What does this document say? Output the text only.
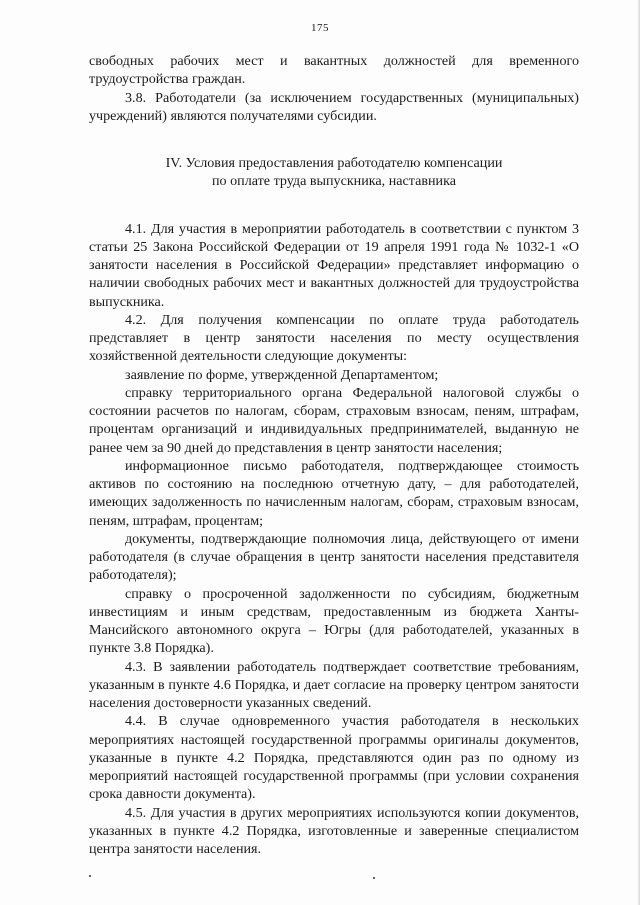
175

свободных рабочих мест и вакантных должностей для временного трудоустройства граждан.

3.8. Работодатели (за исключением государственных (муниципальных) учреждений) являются получателями субсидии.

IV. Условия предоставления работодателю компенсации
по оплате труда выпускника, наставника

4.1. Для участия в мероприятии работодатель в соответствии с пунктом 3 статьи 25 Закона Российской Федерации от 19 апреля 1991 года № 1032-1 «О занятости населения в Российской Федерации» представляет информацию о наличии свободных рабочих мест и вакантных должностей для трудоустройства выпускника.

4.2. Для получения компенсации по оплате труда работодатель представляет в центр занятости населения по месту осуществления хозяйственной деятельности следующие документы:

заявление по форме, утвержденной Департаментом;

справку территориального органа Федеральной налоговой службы о состоянии расчетов по налогам, сборам, страховым взносам, пеням, штрафам, процентам организаций и индивидуальных предпринимателей, выданную не ранее чем за 90 дней до представления в центр занятости населения;

информационное письмо работодателя, подтверждающее стоимость активов по состоянию на последнюю отчетную дату, – для работодателей, имеющих задолженность по начисленным налогам, сборам, страховым взносам, пеням, штрафам, процентам;

документы, подтверждающие полномочия лица, действующего от имени работодателя (в случае обращения в центр занятости населения представителя работодателя);

справку о просроченной задолженности по субсидиям, бюджетным инвестициям и иным средствам, предоставленным из бюджета Ханты-Мансийского автономного округа – Югры (для работодателей, указанных в пункте 3.8 Порядка).

4.3. В заявлении работодатель подтверждает соответствие требованиям, указанным в пункте 4.6 Порядка, и дает согласие на проверку центром занятости населения достоверности указанных сведений.

4.4. В случае одновременного участия работодателя в нескольких мероприятиях настоящей государственной программы оригиналы документов, указанные в пункте 4.2 Порядка, представляются один раз по одному из мероприятий настоящей государственной программы (при условии сохранения срока давности документа).

4.5. Для участия в других мероприятиях используются копии документов, указанных в пункте 4.2 Порядка, изготовленные и заверенные специалистом центра занятости населения.
